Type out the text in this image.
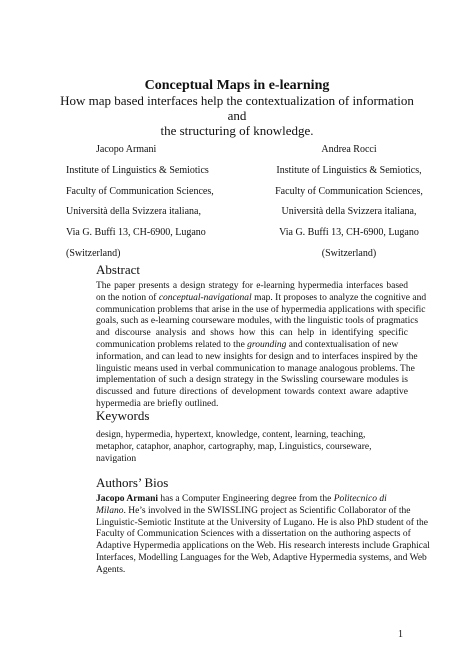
Conceptual Maps in e-learning
How map based interfaces help the contextualization of information and
the structuring of knowledge.
Jacopo Armani
Institute of Linguistics & Semiotics
Faculty of Communication Sciences,
Università della Svizzera italiana,
Via G. Buffi 13, CH-6900, Lugano
(Switzerland)
Andrea Rocci
Institute of Linguistics & Semiotics,
Faculty of Communication Sciences,
Università della Svizzera italiana,
Via G. Buffi 13, CH-6900, Lugano
(Switzerland)
Abstract
The paper presents a design strategy for e-learning hypermedia interfaces based
on the notion of conceptual-navigational map. It proposes to analyze the cognitive and
communication problems that arise in the use of hypermedia applications with specific
goals, such as e-learning courseware modules, with the linguistic tools of pragmatics
and discourse analysis and shows how this can help in identifying specific
communication problems related to the grounding and contextualisation of new
information, and can lead to new insights for design and to interfaces inspired by the
linguistic means used in verbal communication to manage analogous problems. The
implementation of such a design strategy in the Swissling courseware modules is
discussed and future directions of development towards context aware adaptive
hypermedia are briefly outlined.
Keywords
design, hypermedia, hypertext, knowledge, content, learning, teaching,
metaphor, cataphor, anaphor, cartography, map, Linguistics, courseware,
navigation
Authors’ Bios
Jacopo Armani has a Computer Engineering degree from the Politecnico di
Milano. He’s involved in the SWISSLING project as Scientific Collaborator of the
Linguistic-Semiotic Institute at the University of Lugano. He is also PhD student of the
Faculty of Communication Sciences with a dissertation on the authoring aspects of
Adaptive Hypermedia applications on the Web. His research interests include Graphical
Interfaces, Modelling Languages for the Web, Adaptive Hypermedia systems, and Web
Agents.
1
